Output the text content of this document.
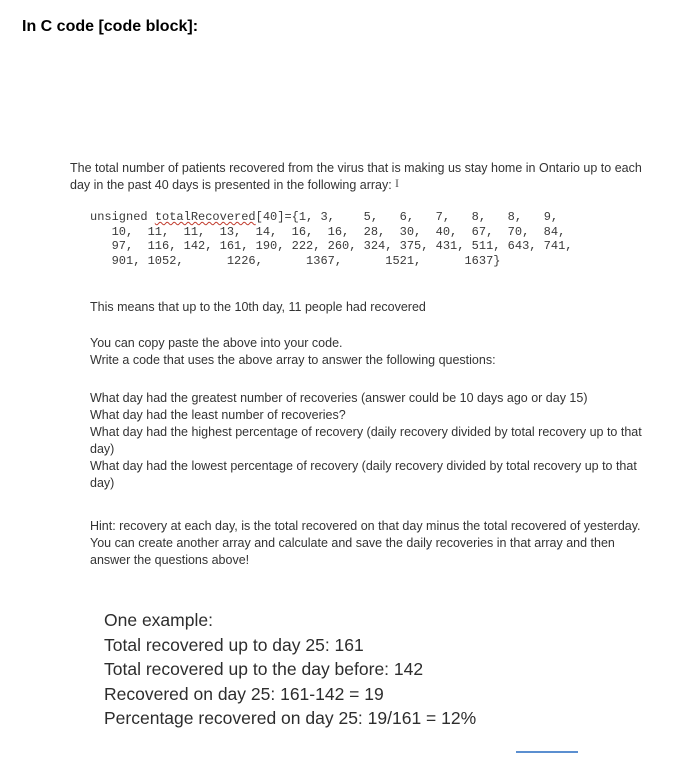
In C code [code block]:
The total number of patients recovered from the virus that is making us stay home in Ontario up to each
day in the past 40 days is presented in the following array: I
unsigned totalRecovered[40]={1, 3,    5,   6,   7,   8,   8,   9,
10,  11,  11,  13,  14,  16,  16,  28,  30,  40,  67,  70,  84,
97,  116, 142, 161, 190, 222, 260, 324, 375, 431, 511, 643, 741,
901, 1052,      1226,      1367,      1521,      1637}
This means that up to the 10th day, 11 people had recovered
You can copy paste the above into your code.
Write a code that uses the above array to answer the following questions:
What day had the greatest number of recoveries (answer could be 10 days ago or day 15)
What day had the least number of recoveries?
What day had the highest percentage of recovery (daily recovery divided by total recovery up to that
day)
What day had the lowest percentage of recovery (daily recovery divided by total recovery up to that
day)
Hint: recovery at each day, is the total recovered on that day minus the total recovered of yesterday.
You can create another array and calculate and save the daily recoveries in that array and then
answer the questions above!
One example:
Total recovered up to day 25: 161
Total recovered up to the day before: 142
Recovered on day 25: 161-142 = 19
Percentage recovered on day 25: 19/161 = 12%
